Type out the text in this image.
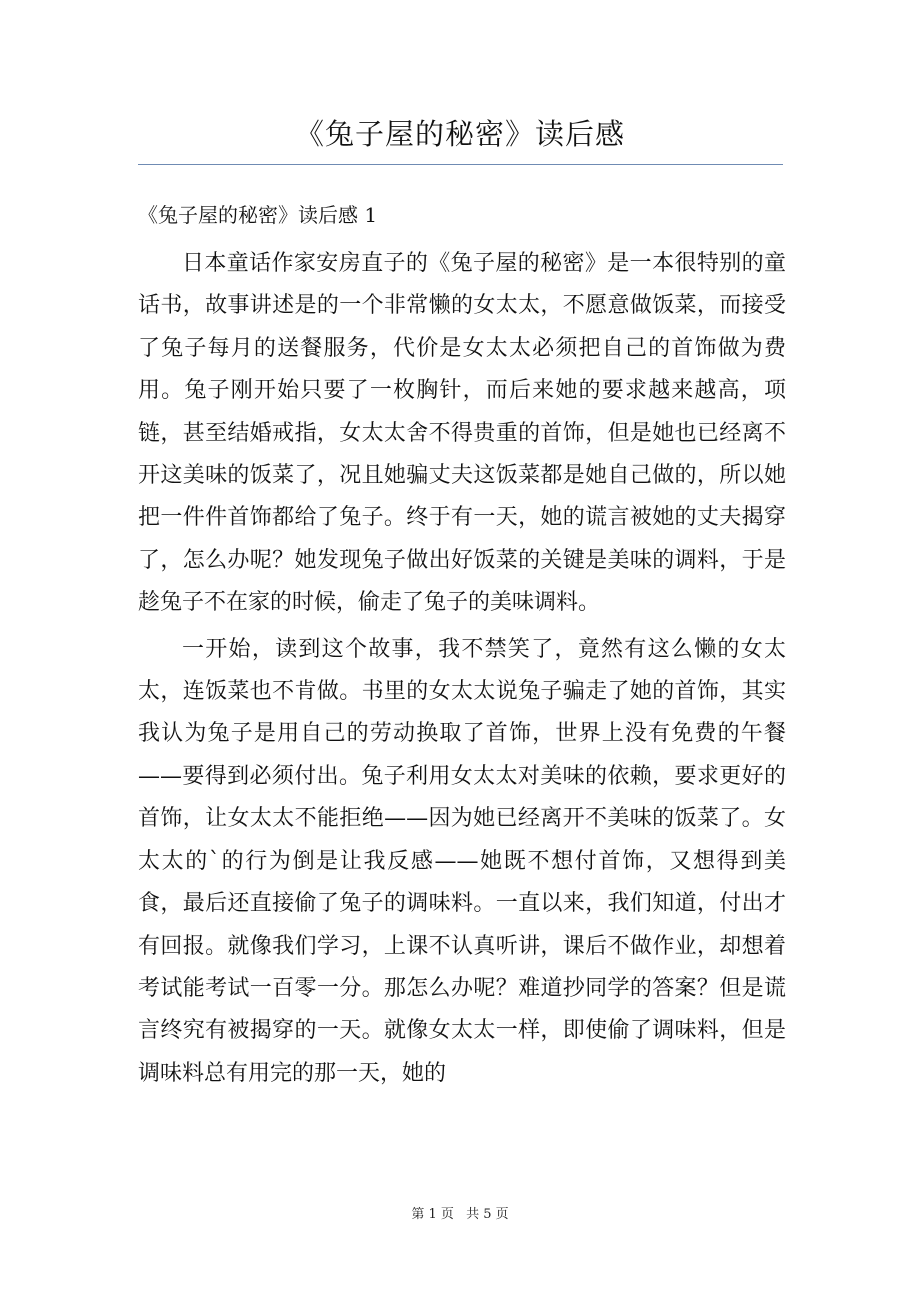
《兔子屋的秘密》读后感
《兔子屋的秘密》读后感 1

日本童话作家安房直子的《兔子屋的秘密》是一本很特别的童话书，故事讲述是的一个非常懒的女太太，不愿意做饭菜，而接受了兔子每月的送餐服务，代价是女太太必须把自己的首饰做为费用。兔子刚开始只要了一枚胸针，而后来她的要求越来越高，项链，甚至结婚戒指，女太太舍不得贵重的首饰，但是她也已经离不开这美味的饭菜了，况且她骗丈夫这饭菜都是她自己做的，所以她把一件件首饰都给了兔子。终于有一天，她的谎言被她的丈夫揭穿了，怎么办呢？她发现兔子做出好饭菜的关键是美味的调料，于是趁兔子不在家的时候，偷走了兔子的美味调料。

一开始，读到这个故事，我不禁笑了，竟然有这么懒的女太太，连饭菜也不肯做。书里的女太太说兔子骗走了她的首饰，其实我认为兔子是用自己的劳动换取了首饰，世界上没有免费的午餐——要得到必须付出。兔子利用女太太对美味的依赖，要求更好的首饰，让女太太不能拒绝——因为她已经离开不美味的饭菜了。女太太的`的行为倒是让我反感——她既不想付首饰，又想得到美食，最后还直接偷了兔子的调味料。一直以来，我们知道，付出才有回报。就像我们学习，上课不认真听讲，课后不做作业，却想着考试能考试一百零一分。那怎么办呢？难道抄同学的答案？但是谎言终究有被揭穿的一天。就像女太太一样，即使偷了调味料，但是调味料总有用完的那一天，她的

第 1 页 共 5 页
